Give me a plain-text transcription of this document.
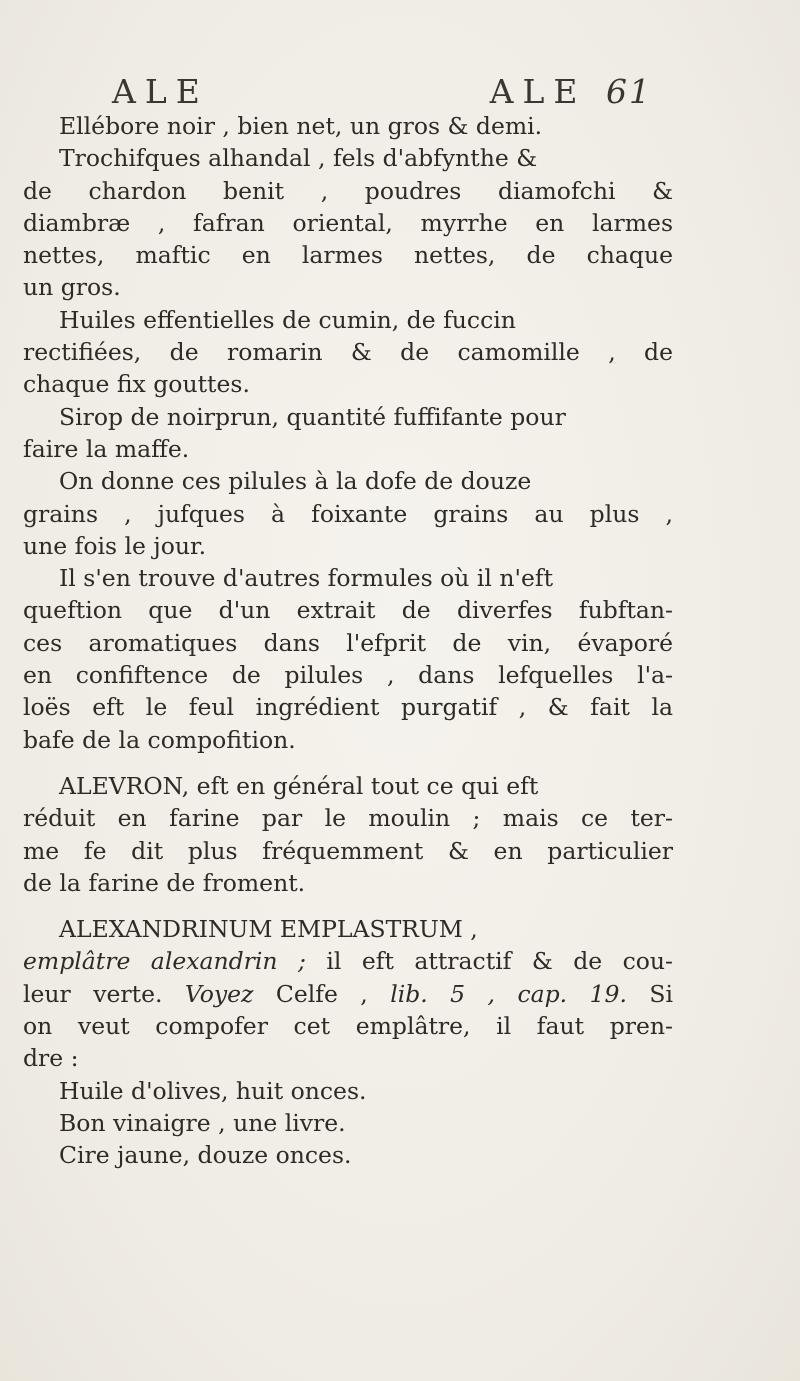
ALE	ALE 61
Ellébore noir , bien net, un gros & demi.
Trochifques alhandal , fels d'abfynthe &
de chardon benit , poudres diamofchi &
diambræ , fafran oriental, myrrhe en larmes
nettes, maftic en larmes nettes, de chaque
un gros.
Huiles effentielles de cumin, de fuccin
rectifiées, de romarin & de camomille , de
chaque fix gouttes.
Sirop de noirprun, quantité fuffifante pour
faire la maffe.
On donne ces pilules à la dofe de douze
grains , jufques à foixante grains au plus ,
une fois le jour.
Il s'en trouve d'autres formules où il n'eft
queftion que d'un extrait de diverfes fubftan-
ces aromatiques dans l'efprit de vin, évaporé
en confiftence de pilules , dans lefquelles l'a-
loës eft le feul ingrédient purgatif , & fait la
bafe de la compofition.
ALEVRON, eft en général tout ce qui eft
réduit en farine par le moulin ; mais ce ter-
me fe dit plus fréquemment & en particulier
de la farine de froment.
ALEXANDRINUM EMPLASTRUM ,
emplâtre alexandrin ; il eft attractif & de cou-
leur verte. Voyez Celfe , lib. 5 , cap. 19. Si
on veut compofer cet emplâtre, il faut pren-
dre :
Huile d'olives, huit onces.
Bon vinaigre , une livre.
Cire jaune, douze onces.
